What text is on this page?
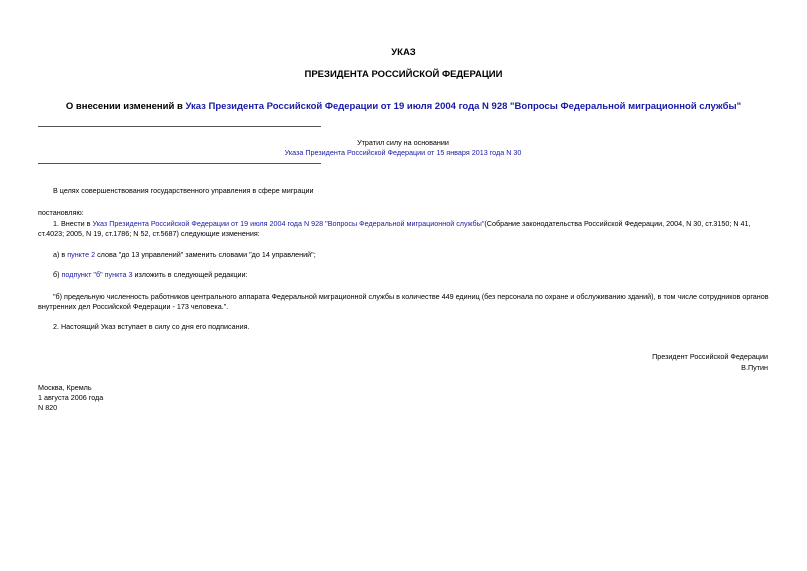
УКАЗ
ПРЕЗИДЕНТА РОССИЙСКОЙ ФЕДЕРАЦИИ
О внесении изменений в Указ Президента Российской Федерации от 19 июля 2004 года N 928 "Вопросы Федеральной миграционной службы"
Утратил силу на основании
Указа Президента Российской Федерации от 15 января 2013 года N 30
В целях совершенствования государственного управления в сфере миграции
постановляю:
1. Внести в Указ Президента Российской Федерации от 19 июля 2004 года N 928 "Вопросы Федеральной миграционной службы"(Собрание законодательства Российской Федерации, 2004, N 30, ст.3150; N 41,
ст.4023; 2005, N 19, ст.1786; N 52, ст.5687) следующие изменения:
а) в пункте 2 слова "до 13 управлений" заменить словами "до 14 управлений";
б) подпункт "б" пункта 3 изложить в следующей редакции:
"б) предельную численность работников центрального аппарата Федеральной миграционной службы в количестве 449 единиц (без персонала по охране и обслуживанию зданий), в том числе сотрудников органов
внутренних дел Российской Федерации - 173 человека.".
2. Настоящий Указ вступает в силу со дня его подписания.
Президент Российской Федерации
В.Путин
Москва, Кремль
1 августа 2006 года
N 820
